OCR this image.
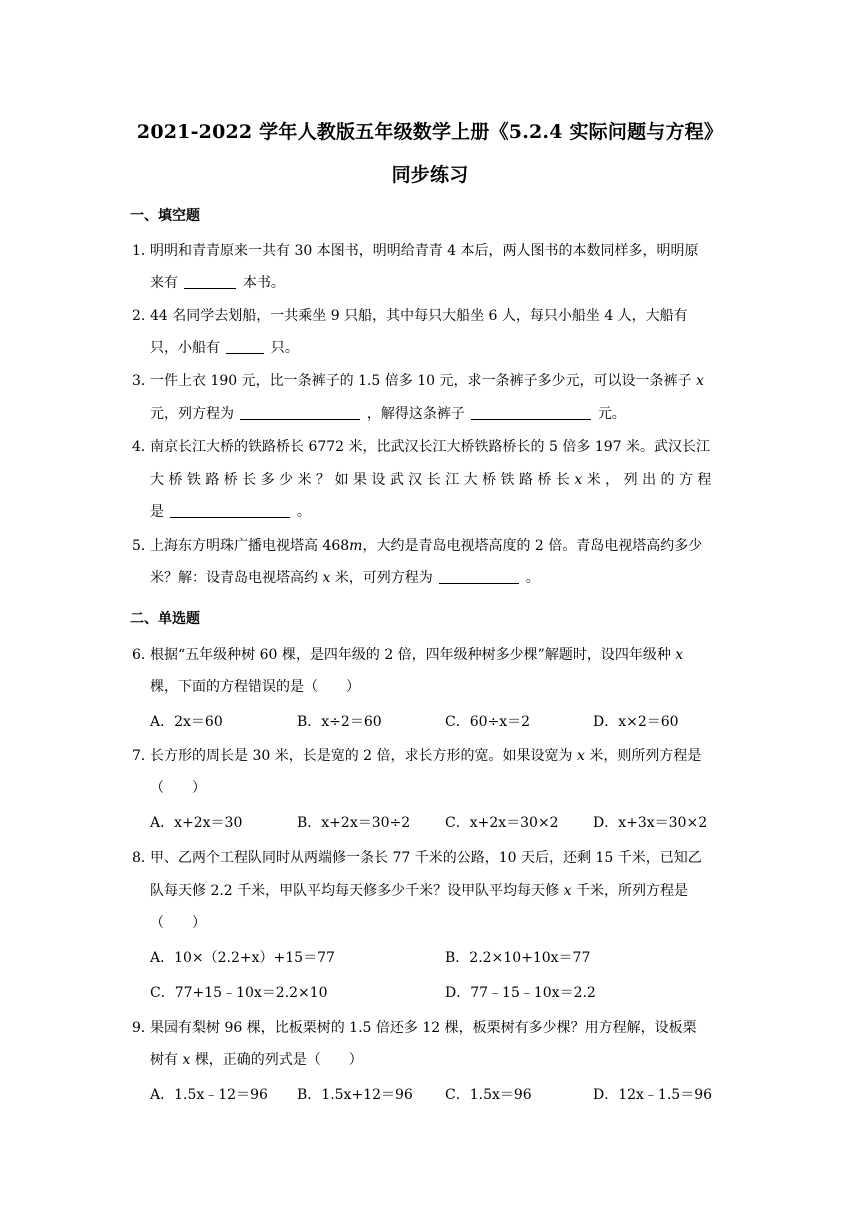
2021-2022 学年人教版五年级数学上册《5.2.4 实际问题与方程》
同步练习
一、填空题
1．
明明和青青原来一共有 30 本图书，明明给青青 4 本后，两人图书的本数同样多，明明原
来有	本书。
2．
44 名同学去划船，一共乘坐 9 只船，其中每只大船坐 6 人，每只小船坐 4 人，大船有
只，小船有	只。
3．
一件上衣 190 元，比一条裤子的 1.5 倍多 10 元，求一条裤子多少元，可以设一条裤子 x
元，列方程为	，解得这条裤子	元。
4．
南京长江大桥的铁路桥长 6772 米，比武汉长江大桥铁路桥长的 5 倍多 197 米。武汉长江
大 桥 铁 路 桥 长 多 少 米 ？ 如 果 设 武 汉 长 江 大 桥 铁 路 桥 长 x 米 ， 列 出 的 方 程
是	。
5．
上海东方明珠广播电视塔高 468m，大约是青岛电视塔高度的 2 倍。青岛电视塔高约多少
米？解：设青岛电视塔高约 x 米，可列方程为	。
二、单选题
6．
根据“五年级种树 60 棵，是四年级的 2 倍，四年级种树多少棵”解题时，设四年级种 x
棵，下面的方程错误的是（　　）
A．2x＝60	B．x÷2＝60	C．60÷x＝2	D．x×2＝60
7．
长方形的周长是 30 米，长是宽的 2 倍，求长方形的宽。如果设宽为 x 米，则所列方程是
（　　）
A．x+2x＝30	B．x+2x＝30÷2 C．x+2x＝30×2 D．x+3x＝30×2
8．
甲、乙两个工程队同时从两端修一条长 77 千米的公路，10 天后，还剩 15 千米，已知乙
队每天修 2.2 千米，甲队平均每天修多少千米？设甲队平均每天修 x 千米，所列方程是
（　　）
A．10×（2.2+x）+15＝77	B．2.2×10+10x＝77
C．77+15﹣10x＝2.2×10	D．77﹣15﹣10x＝2.2
9．
果园有梨树 96 棵，比板栗树的 1.5 倍还多 12 棵，板栗树有多少棵？用方程解，设板栗
树有 x 棵，正确的列式是（　　）
A．1.5x﹣12＝96 B．1.5x+12＝96 C．1.5x＝96	D．12x﹣1.5＝96
